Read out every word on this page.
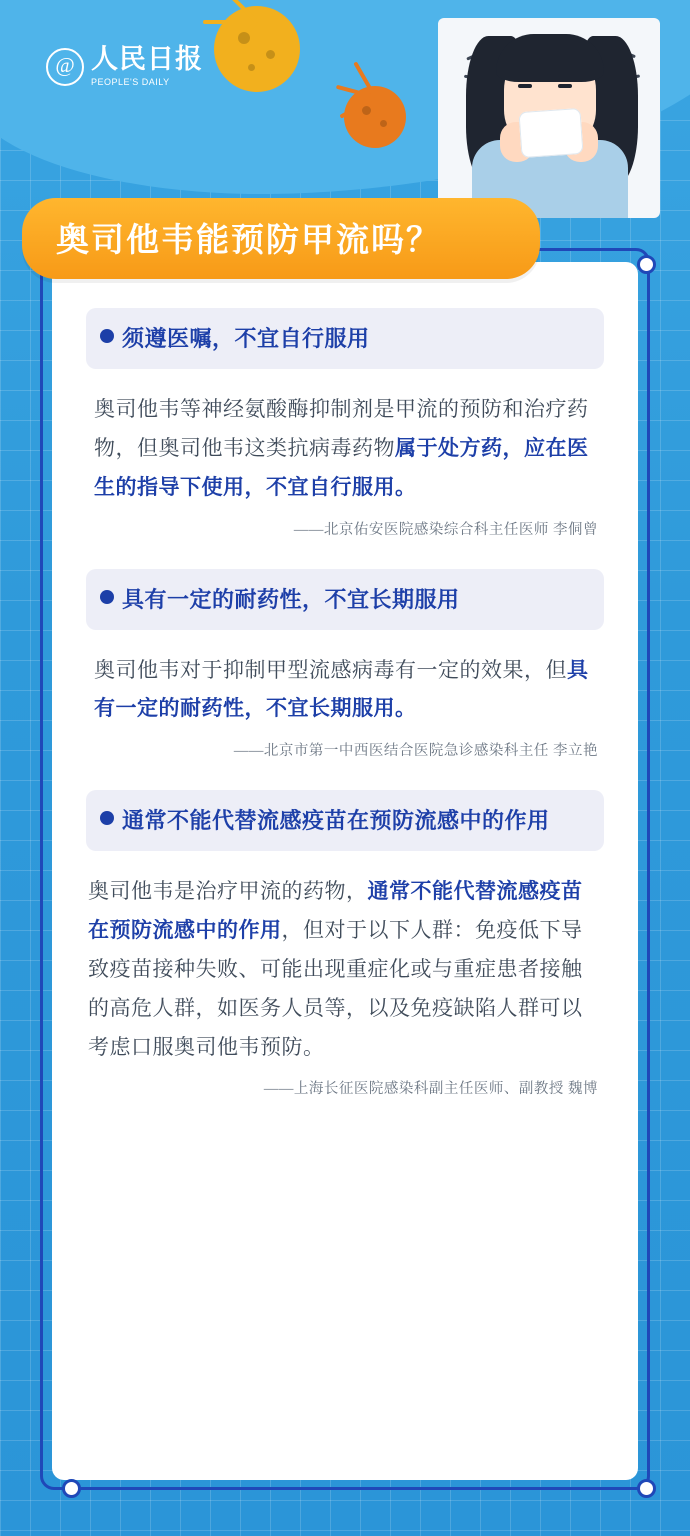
@ 人民日报
PEOPLE'S DAILY
奥司他韦能预防甲流吗？
须遵医嘱，不宜自行服用

奥司他韦等神经氨酸酶抑制剂是甲流的预防和治疗药物，但奥司他韦这类抗病毒药物属于处方药，应在医生的指导下使用，不宜自行服用。

——北京佑安医院感染综合科主任医师 李侗曾
具有一定的耐药性，不宜长期服用

奥司他韦对于抑制甲型流感病毒有一定的效果，但具有一定的耐药性，不宜长期服用。

——北京市第一中西医结合医院急诊感染科主任 李立艳
通常不能代替流感疫苗在预防流感中的作用

奥司他韦是治疗甲流的药物，通常不能代替流感疫苗在预防流感中的作用，但对于以下人群：免疫低下导致疫苗接种失败、可能出现重症化或与重症患者接触的高危人群，如医务人员等，以及免疫缺陷人群可以考虑口服奥司他韦预防。

——上海长征医院感染科副主任医师、副教授 魏博
